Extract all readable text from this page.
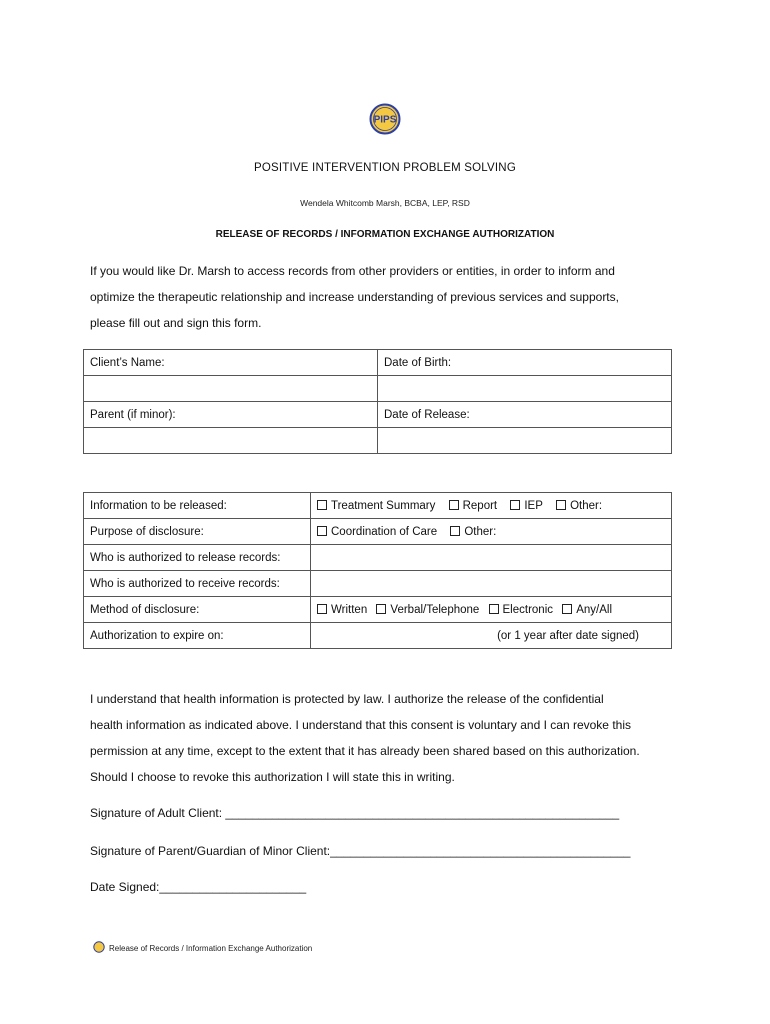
PIPS
POSITIVE INTERVENTION PROBLEM SOLVING
Wendela Whitcomb Marsh, BCBA, LEP, RSD
RELEASE OF RECORDS / INFORMATION EXCHANGE AUTHORIZATION

If you would like Dr. Marsh to access records from other providers or entities, in order to inform and

optimize the therapeutic relationship and increase understanding of previous services and supports,

please fill out and sign this form.

Client’s Name:	Date of Birth:

Parent (if minor):	Date of Release:

Information to be released:	Treatment Summary Report IEP Other:
Purpose of disclosure:	Coordination of Care Other:
Who is authorized to release records:	
Who is authorized to receive records:	
Method of disclosure:	Written Verbal/Telephone Electronic Any/All
Authorization to expire on:	(or 1 year after date signed)

I understand that health information is protected by law. I authorize the release of the confidential

health information as indicated above. I understand that this consent is voluntary and I can revoke this

permission at any time, except to the extent that it has already been shared based on this authorization.

Should I choose to revoke this authorization I will state this in writing.

Signature of Adult Client: ___________________________________________________________
Signature of Parent/Guardian of Minor Client:_____________________________________________
Date Signed:______________________
Release of Records / Information Exchange Authorization
